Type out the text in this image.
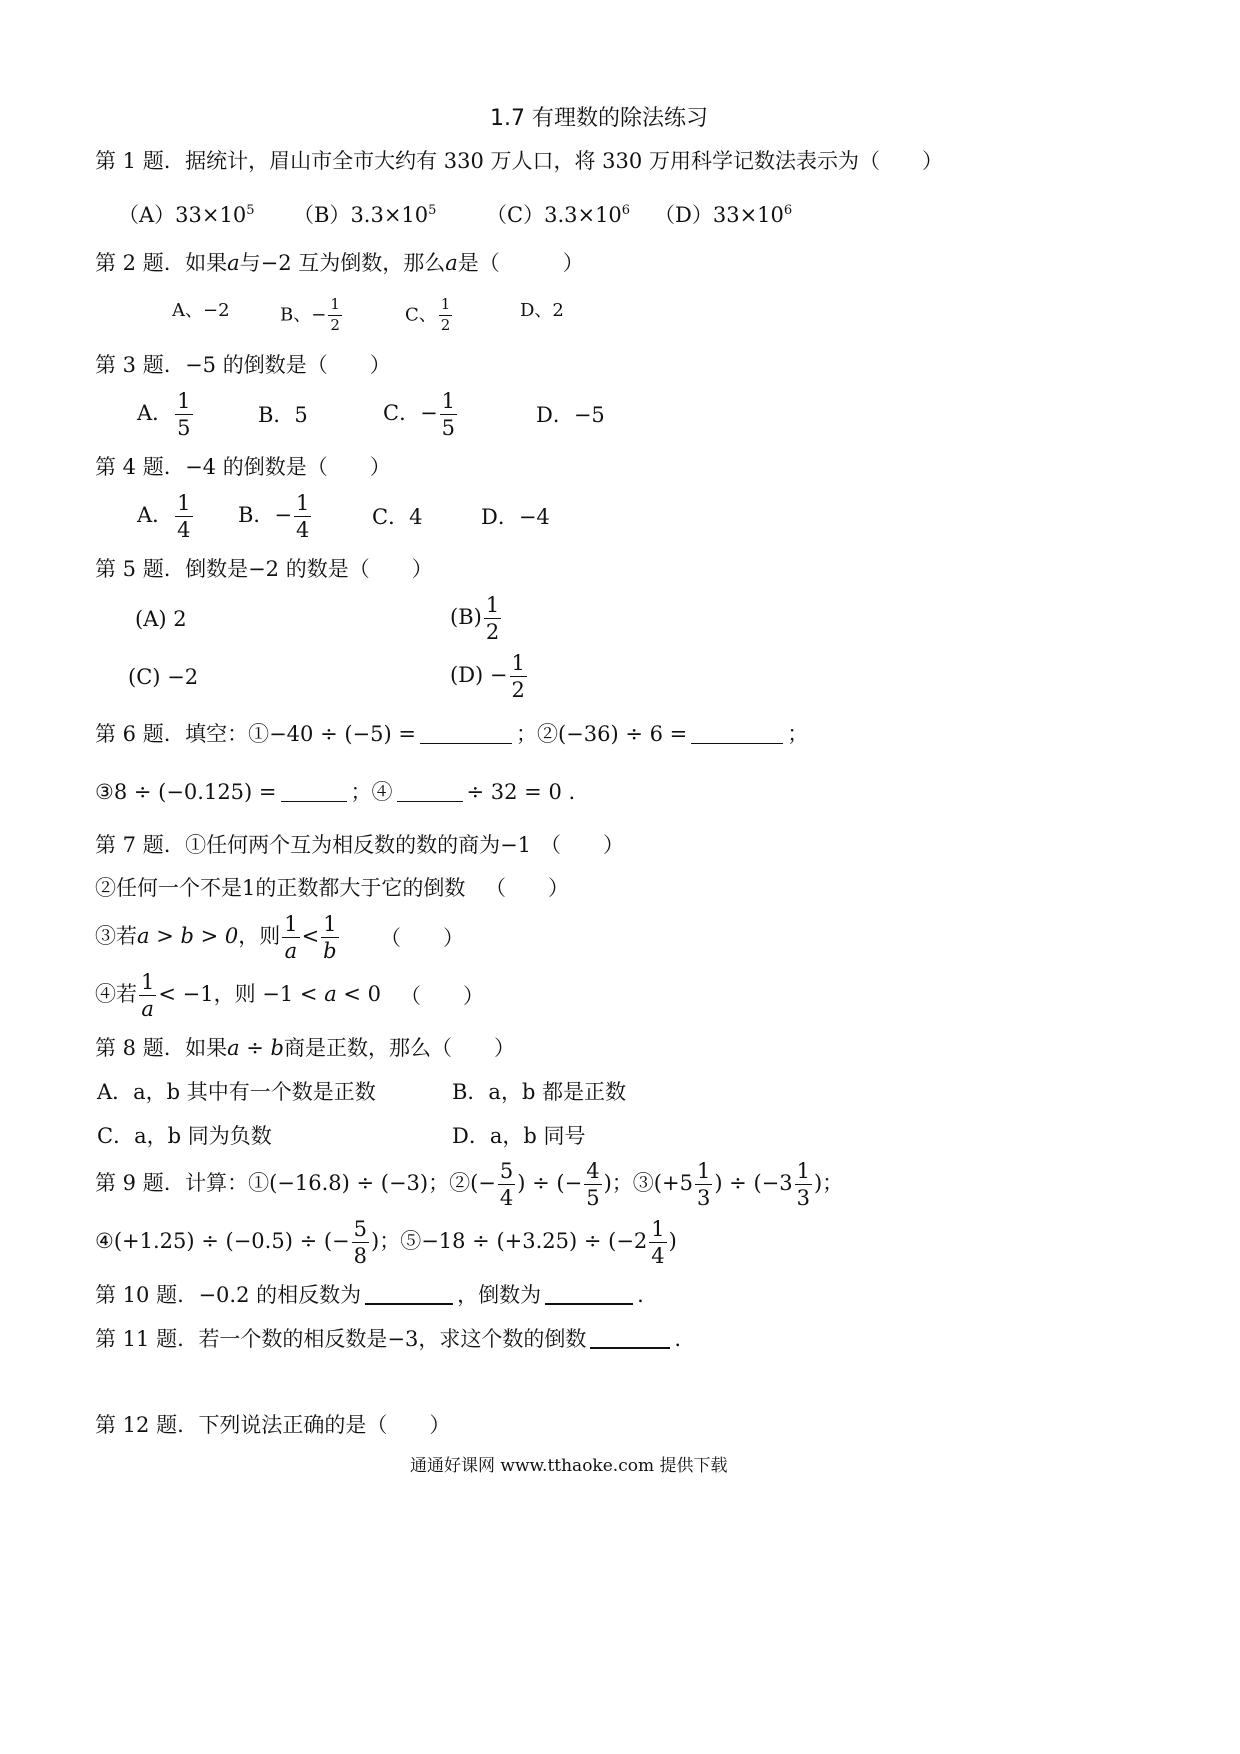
1.7 有理数的除法练习
第 1 题. 据统计，眉山市全市大约有 330 万人口，将 330 万用科学记数法表示为（　　）
$(A)33\times 10^5$ $(B)3.3\times 10^5$ $(C)3.3\times 10^6$ $(D)33\times 10^6$
第 2 题. 如果a与−2 互为倒数，那么a是（　　　）
A、−2	B、− $\frac{1}{2}$	C、 $\frac{1}{2}$	D、2
第 3 题. −5 的倒数是（　　）
A． $\frac{1}{5}$	B．5	C．− $\frac{1}{5}$	D．−5
第 4 题. −4 的倒数是（　　）
A． $\frac{1}{4}$ B．− $\frac{1}{4}$	C．4	D．−4
第 5 题. 倒数是−2 的数是（　　）
(A) 2	$(B) \frac{1}{2}$
(C) −2	$(D) - \frac{1}{2}$
第 6 题. 填空：①−40 ÷ (−5) =	；②(−36) ÷ 6 =	；
③8 ÷ (−0.125) =	；④	÷ 32 = 0 .
第 7 题. ①任何两个互为相反数的数的商为−1 （　　）
②任何一个不是1的正数都大于它的倒数 （　　）
③若a > b > 0，则 $\frac{1}{a} < \frac{1}{b}$ （　　）
④若 $\frac{1}{a} < -1$，则 −1 < a < 0 （　　）
第 8 题. 如果a ÷ b商是正数，那么（　　）
A．a，b 其中有一个数是正数	B．a，b 都是正数
C．a，b 同为负数	D．a，b 同号
第 9 题. 计算：①(−16.8) ÷ (−3)；②(− $\frac{5}{4}$ ) ÷ (− $\frac{4}{5}$ )；③(+5 $\frac{1}{3}$ ) ÷ ($-3 \frac{1}{3}$ )；
④(+1.25) ÷ (−0.5) ÷ (− $\frac{5}{8}$ )；⑤−18 ÷ $(+3.25) \div (-2 \frac{1}{4}$ )
第 10 题. −0.2 的相反数为	，倒数为	.
第 11 题. 若一个数的相反数是−3，求这个数的倒数	.
第 12 题. 下列说法正确的是（　　）
通通好课网 www.tthaoke.com 提供下载
